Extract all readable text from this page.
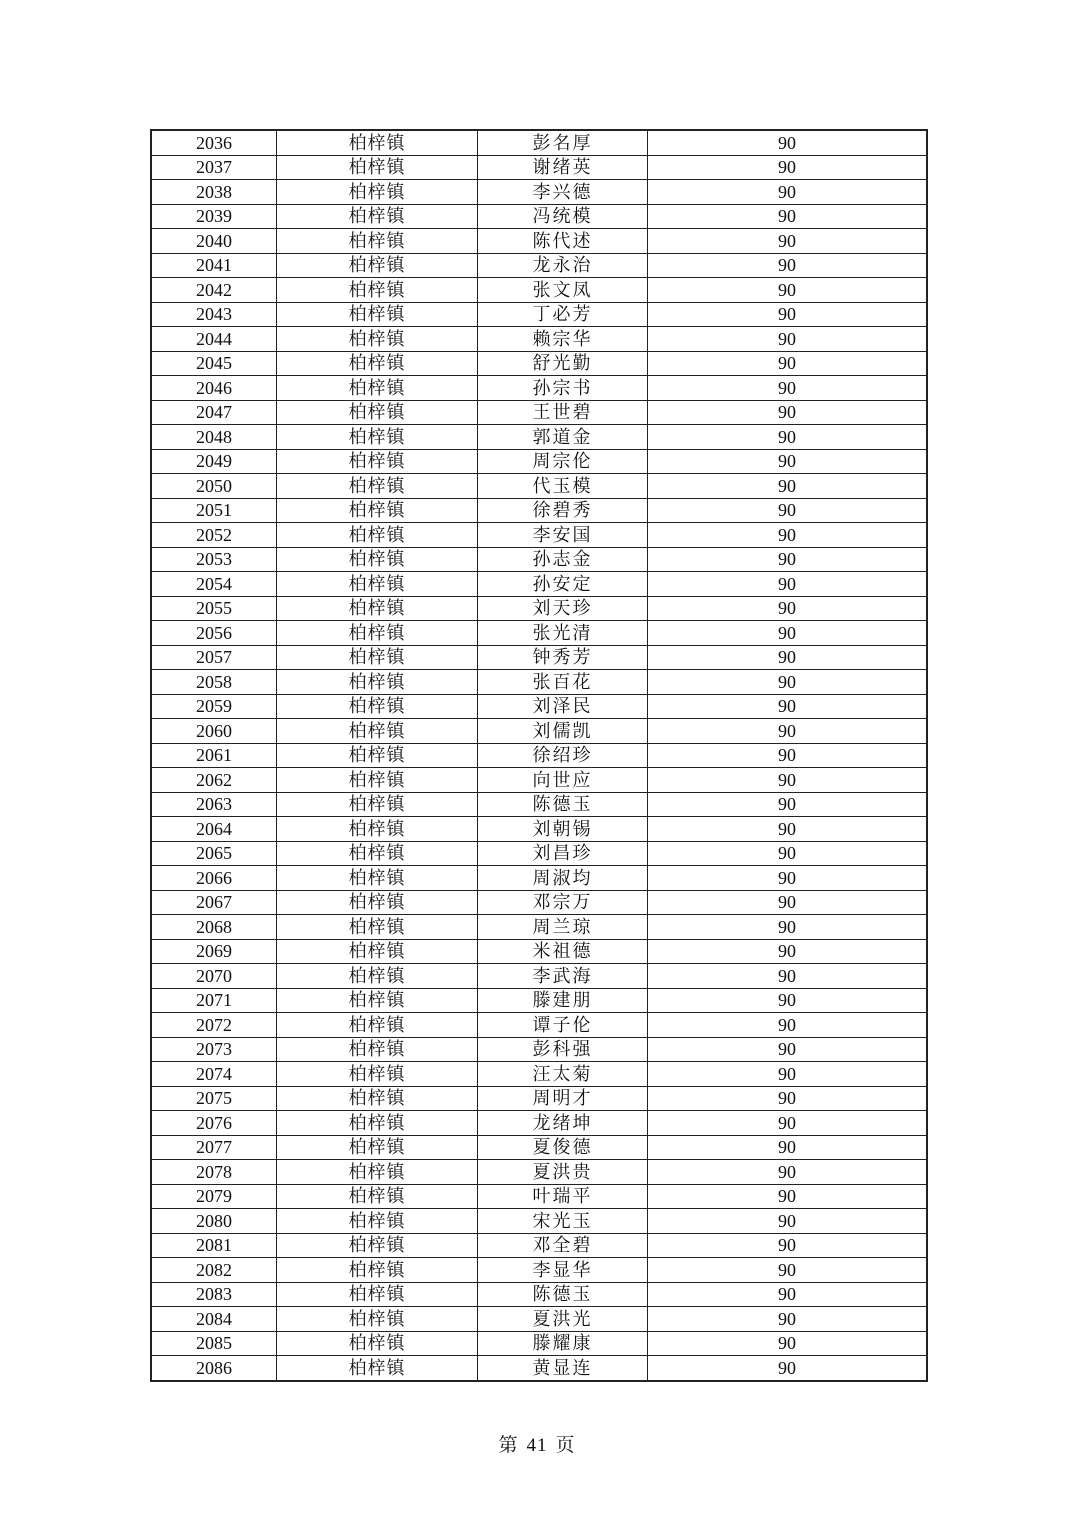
2036	柏梓镇	彭名厚	90
2037	柏梓镇	谢绪英	90
2038	柏梓镇	李兴德	90
2039	柏梓镇	冯统模	90
2040	柏梓镇	陈代述	90
2041	柏梓镇	龙永治	90
2042	柏梓镇	张文凤	90
2043	柏梓镇	丁必芳	90
2044	柏梓镇	赖宗华	90
2045	柏梓镇	舒光勤	90
2046	柏梓镇	孙宗书	90
2047	柏梓镇	王世碧	90
2048	柏梓镇	郭道金	90
2049	柏梓镇	周宗伦	90
2050	柏梓镇	代玉模	90
2051	柏梓镇	徐碧秀	90
2052	柏梓镇	李安国	90
2053	柏梓镇	孙志金	90
2054	柏梓镇	孙安定	90
2055	柏梓镇	刘天珍	90
2056	柏梓镇	张光清	90
2057	柏梓镇	钟秀芳	90
2058	柏梓镇	张百花	90
2059	柏梓镇	刘泽民	90
2060	柏梓镇	刘儒凯	90
2061	柏梓镇	徐绍珍	90
2062	柏梓镇	向世应	90
2063	柏梓镇	陈德玉	90
2064	柏梓镇	刘朝锡	90
2065	柏梓镇	刘昌珍	90
2066	柏梓镇	周淑均	90
2067	柏梓镇	邓宗万	90
2068	柏梓镇	周兰琼	90
2069	柏梓镇	米祖德	90
2070	柏梓镇	李武海	90
2071	柏梓镇	滕建朋	90
2072	柏梓镇	谭子伦	90
2073	柏梓镇	彭科强	90
2074	柏梓镇	汪太菊	90
2075	柏梓镇	周明才	90
2076	柏梓镇	龙绪坤	90
2077	柏梓镇	夏俊德	90
2078	柏梓镇	夏洪贵	90
2079	柏梓镇	叶瑞平	90
2080	柏梓镇	宋光玉	90
2081	柏梓镇	邓全碧	90
2082	柏梓镇	李显华	90
2083	柏梓镇	陈德玉	90
2084	柏梓镇	夏洪光	90
2085	柏梓镇	滕耀康	90
2086	柏梓镇	黄显连	90
第 41 页
